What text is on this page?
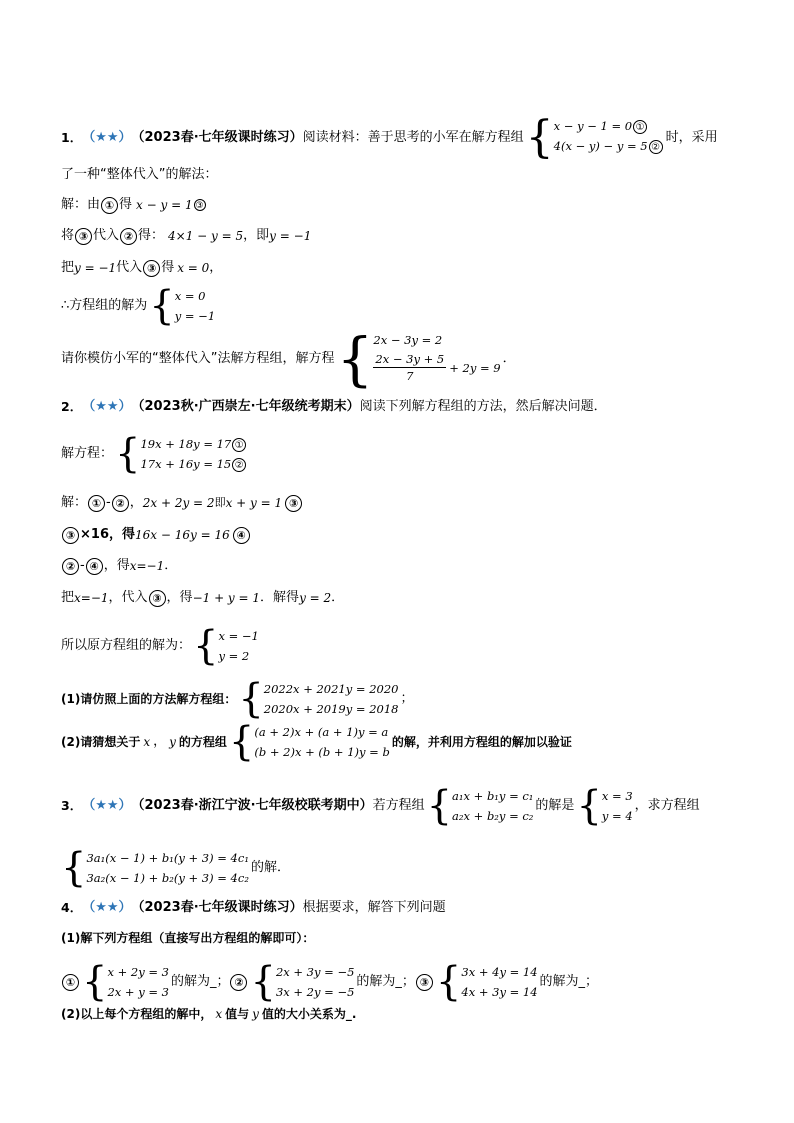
1． （★★） （2023春·七年级课时练习） 阅读材料：善于思考的小军在解方程组 { x − y − 1 = 0 ①
4(x − y) − y = 5 ②
时，采用
了一种“整体代入”的解法：
解：由 ① 得 x − y = 1 ③
将 ③ 代入 ② 得： 4×1 − y = 5 ，即 y = −1
把 y = −1 代入 ③ 得 x = 0 ，
∴方程组的解为 { x = 0
y = −1
请你模仿小军的“整体代入”法解方程组，解方程 { 2x − 3y = 2
$\frac{2x - 3y + 5}{7} + 2y = 9$
．
2． （★★） （2023秋·广西崇左·七年级统考期末） 阅读下列解方程组的方法，然后解决问题．
解方程： { 19x + 18y = 17 ①
17x + 16y = 15 ②
解： ① - ② ， 2x + 2y = 2 即 x + y = 1 ③
③ ×16，得 16x − 16y = 16 ④
② - ④ ，得 x=−1 ．
把 x=−1 ，代入 ③ ，得 −1 + y = 1 ．解得 y = 2 ．
所以原方程组的解为： { x = −1
y = 2
(1)请仿照上面的方法解方程组： { 2022x + 2021y = 2020
2020x + 2019y = 2018
；
(2)请猜想关于 x ， y 的方程组 { (a + 2)x + (a + 1)y = a
(b + 2)x + (b + 1)y = b
的解，并利用方程组的解加以验证
3． （★★） （2023春·浙江宁波·七年级校联考期中） 若方程组 { a₁x + b₁y = c₁
a₂x + b₂y = c₂
的解是 { x = 3
y = 4
，求方程组
{ 3a₁(x − 1) + b₁(y + 3) = 4c₁
3a₂(x − 1) + b₂(y + 3) = 4c₂
的解．
4． （★★） （2023春·七年级课时练习） 根据要求，解答下列问题
(1)解下列方程组（直接写出方程组的解即可）：
① { x + 2y = 3
2x + y = 3
的解为_； ② { 2x + 3y = −5
3x + 2y = −5
的解为_； ③ { 3x + 4y = 14
4x + 3y = 14
的解为_；
(2)以上每个方程组的解中， x 值与 y 值的大小关系为_.
